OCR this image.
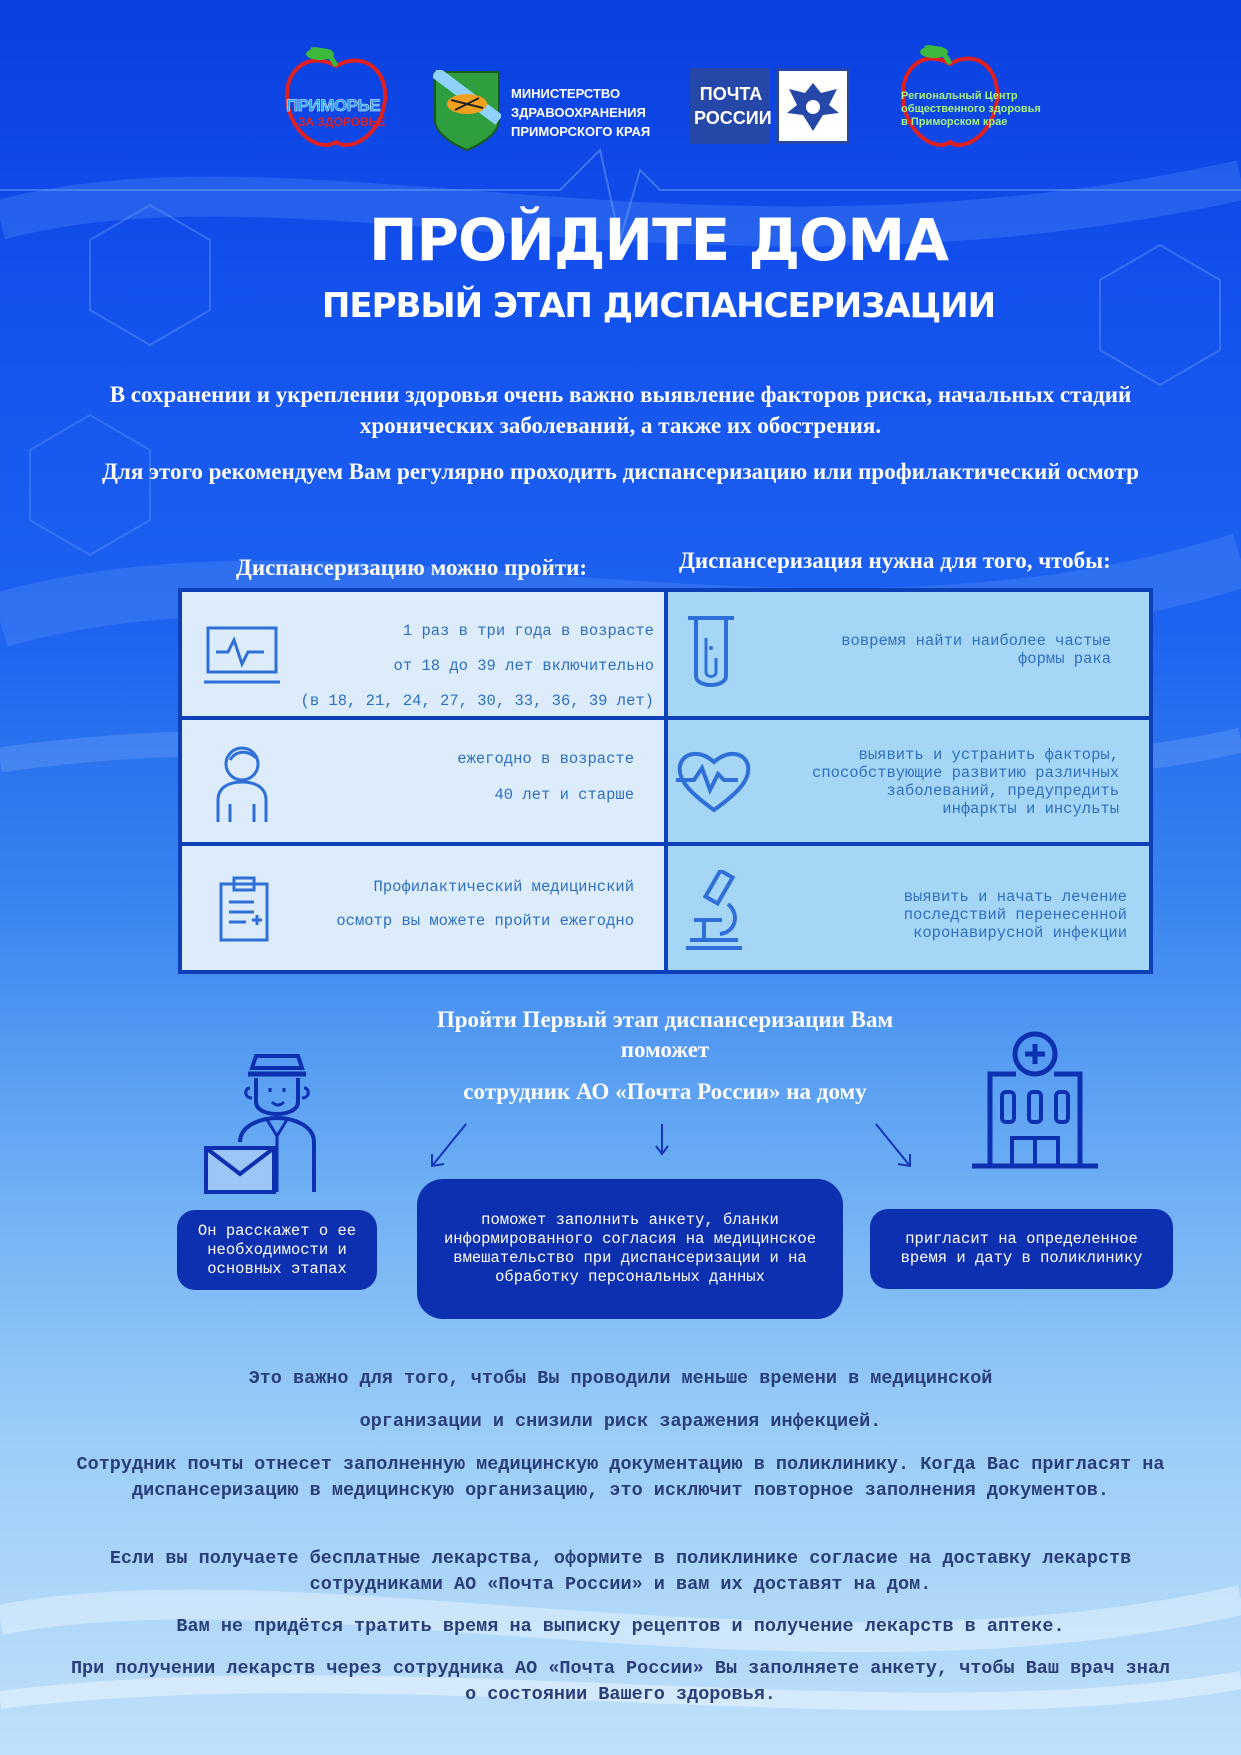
ПРИМОРЬЕ
ЗА ЗДОРОВЬЕ
МИНИСТЕРСТВО
ЗДРАВООХРАНЕНИЯ
ПРИМОРСКОГО КРАЯ
ПОЧТА
РОССИИ
Региональный Центр
общественного здоровья
в Приморском крае
ПРОЙДИТЕ ДОМА
ПЕРВЫЙ ЭТАП ДИСПАНСЕРИЗАЦИИ
В сохранении и укреплении здоровья очень важно выявление факторов риска, начальных стадий хронических заболеваний, а также их обострения.
Для этого рекомендуем Вам регулярно проходить диспансеризацию или профилактический осмотр
Диспансеризацию можно пройти:	Диспансеризация нужна для того, чтобы:
1 раз в три года в возрасте
от 18 до 39 лет включительно
(в 18, 21, 24, 27, 30, 33, 36, 39 лет)
ежегодно в возрасте
40 лет и старше
Профилактический медицинский
осмотр вы можете пройти ежегодно
вовремя найти наиболее частые
формы рака
выявить и устранить факторы,
способствующие развитию различных
заболеваний, предупредить
инфаркты и инсульты
выявить и начать лечение
последствий перенесенной
коронавирусной инфекции
Пройти Первый этап диспансеризации Вам
поможет
сотрудник АО «Почта России» на дому
Он расскажет о ее необходимости и основных этапах
поможет заполнить анкету, бланки информированного согласия на медицинское вмешательство при диспансеризации и на обработку персональных данных
пригласит на определенное время и дату в поликлинику
Это важно для того, чтобы Вы проводили меньше времени в медицинской
организации и снизили риск заражения инфекцией.
Сотрудник почты отнесет заполненную медицинскую документацию в поликлинику. Когда Вас пригласят на диспансеризацию в медицинскую организацию, это исключит повторное заполнения документов.
Если вы получаете бесплатные лекарства, оформите в поликлинике согласие на доставку лекарств сотрудниками АО «Почта России» и вам их доставят на дом.
Вам не придётся тратить время на выписку рецептов и получение лекарств в аптеке.
При получении лекарств через сотрудника АО «Почта России» Вы заполняете анкету, чтобы Ваш врач знал о состоянии Вашего здоровья.
